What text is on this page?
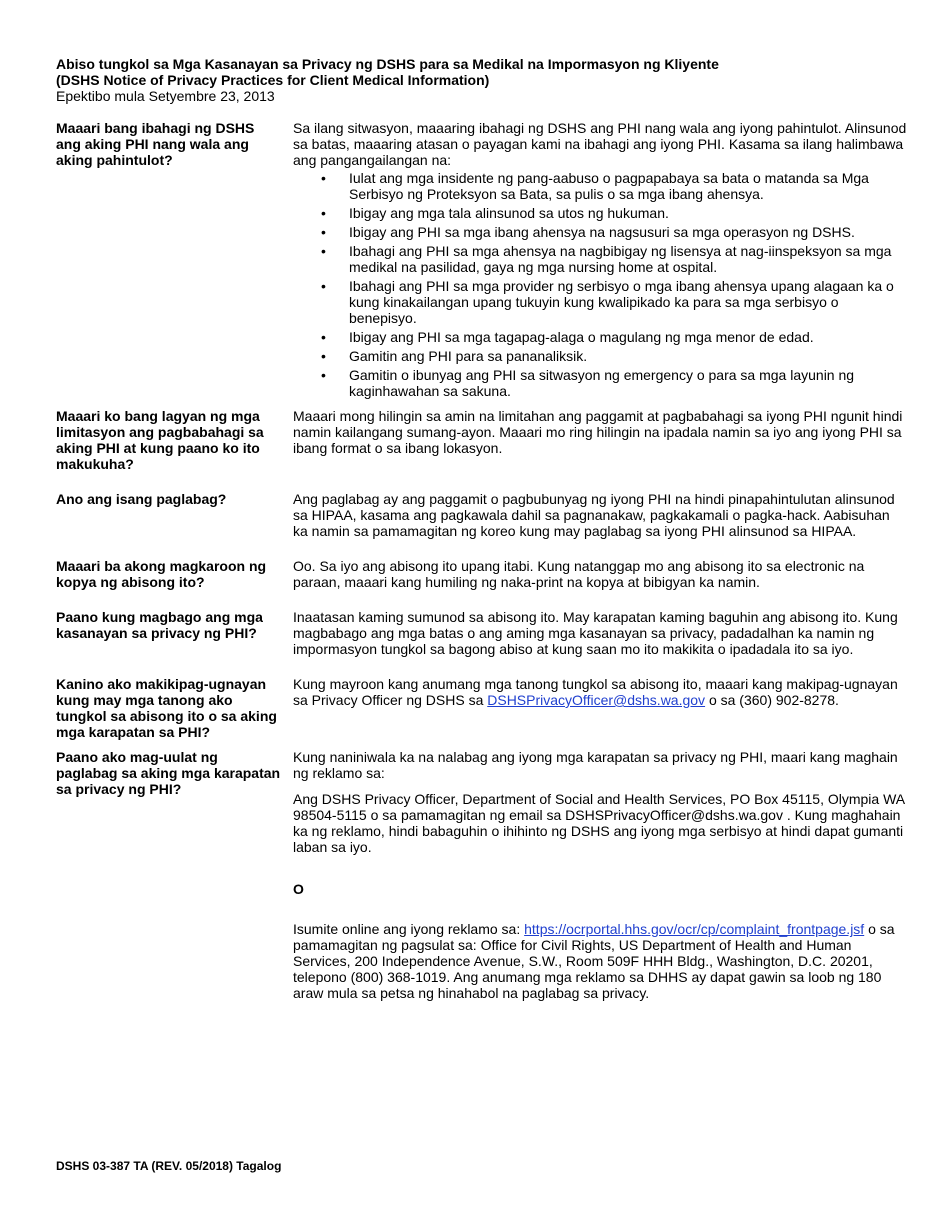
Abiso tungkol sa Mga Kasanayan sa Privacy ng DSHS para sa Medikal na Impormasyon ng Kliyente
(DSHS Notice of Privacy Practices for Client Medical Information)
Epektibo mula Setyembre 23, 2013
Maaari bang ibahagi ng DSHS ang aking PHI nang wala ang aking pahintulot?

Sa ilang sitwasyon, maaaring ibahagi ng DSHS ang PHI nang wala ang iyong pahintulot. Alinsunod sa batas, maaaring atasan o payagan kami na ibahagi ang iyong PHI. Kasama sa ilang halimbawa ang pangangailangan na:

• Iulat ang mga insidente ng pang-aabuso o pagpapabaya sa bata o matanda sa Mga Serbisyo ng Proteksyon sa Bata, sa pulis o sa mga ibang ahensya.
• Ibigay ang mga tala alinsunod sa utos ng hukuman.
• Ibigay ang PHI sa mga ibang ahensya na nagsusuri sa mga operasyon ng DSHS.
• Ibahagi ang PHI sa mga ahensya na nagbibigay ng lisensya at nag-iinspeksyon sa mga medikal na pasilidad, gaya ng mga nursing home at ospital.
• Ibahagi ang PHI sa mga provider ng serbisyo o mga ibang ahensya upang alagaan ka o kung kinakailangan upang tukuyin kung kwalipikado ka para sa mga serbisyo o benepisyo.
• Ibigay ang PHI sa mga tagapag-alaga o magulang ng mga menor de edad.
• Gamitin ang PHI para sa pananaliksik.
• Gamitin o ibunyag ang PHI sa sitwasyon ng emergency o para sa mga layunin ng kaginhawahan sa sakuna.
Maaari ko bang lagyan ng mga limitasyon ang pagbabahagi sa aking PHI at kung paano ko ito makukuha?
Maaari mong hilingin sa amin na limitahan ang paggamit at pagbabahagi sa iyong PHI ngunit hindi namin kailangang sumang-ayon. Maaari mo ring hilingin na ipadala namin sa iyo ang iyong PHI sa ibang format o sa ibang lokasyon.
Ano ang isang paglabag?	Ang paglabag ay ang paggamit o pagbubunyag ng iyong PHI na hindi pinapahintulutan alinsunod sa HIPAA, kasama ang pagkawala dahil sa pagnanakaw, pagkakamali o pagka-hack. Aabisuhan ka namin sa pamamagitan ng koreo kung may paglabag sa iyong PHI alinsunod sa HIPAA.
Maaari ba akong magkaroon ng kopya ng abisong ito?
Oo. Sa iyo ang abisong ito upang itabi. Kung natanggap mo ang abisong ito sa electronic na paraan, maaari kang humiling ng naka-print na kopya at bibigyan ka namin.
Paano kung magbago ang mga kasanayan sa privacy ng PHI?
Inaatasan kaming sumunod sa abisong ito. May karapatan kaming baguhin ang abisong ito. Kung magbabago ang mga batas o ang aming mga kasanayan sa privacy, padadalhan ka namin ng impormasyon tungkol sa bagong abiso at kung saan mo ito makikita o ipadadala ito sa iyo.
Kanino ako makikipag-ugnayan kung may mga tanong ako tungkol sa abisong ito o sa aking mga karapatan sa PHI?
Kung mayroon kang anumang mga tanong tungkol sa abisong ito, maaari kang makipag-ugnayan sa Privacy Officer ng DSHS sa DSHSPrivacyOfficer@dshs.wa.gov o sa (360) 902-8278.
Paano ako mag-uulat ng paglabag sa aking mga karapatan sa privacy ng PHI?

Kung naniniwala ka na nalabag ang iyong mga karapatan sa privacy ng PHI, maari kang maghain ng reklamo sa:

Ang DSHS Privacy Officer, Department of Social and Health Services, PO Box 45115, Olympia WA 98504-5115 o sa pamamagitan ng email sa DSHSPrivacyOfficer@dshs.wa.gov . Kung maghahain ka ng reklamo, hindi babaguhin o ihihinto ng DSHS ang iyong mga serbisyo at hindi dapat gumanti laban sa iyo.

O

Isumite online ang iyong reklamo sa: https://ocrportal.hhs.gov/ocr/cp/complaint_frontpage.jsf o sa pamamagitan ng pagsulat sa: Office for Civil Rights, US Department of Health and Human Services, 200 Independence Avenue, S.W., Room 509F HHH Bldg., Washington, D.C. 20201, telepono (800) 368-1019. Ang anumang mga reklamo sa DHHS ay dapat gawin sa loob ng 180 araw mula sa petsa ng hinahabol na paglabag sa privacy.

DSHS 03-387 TA (REV. 05/2018) Tagalog
